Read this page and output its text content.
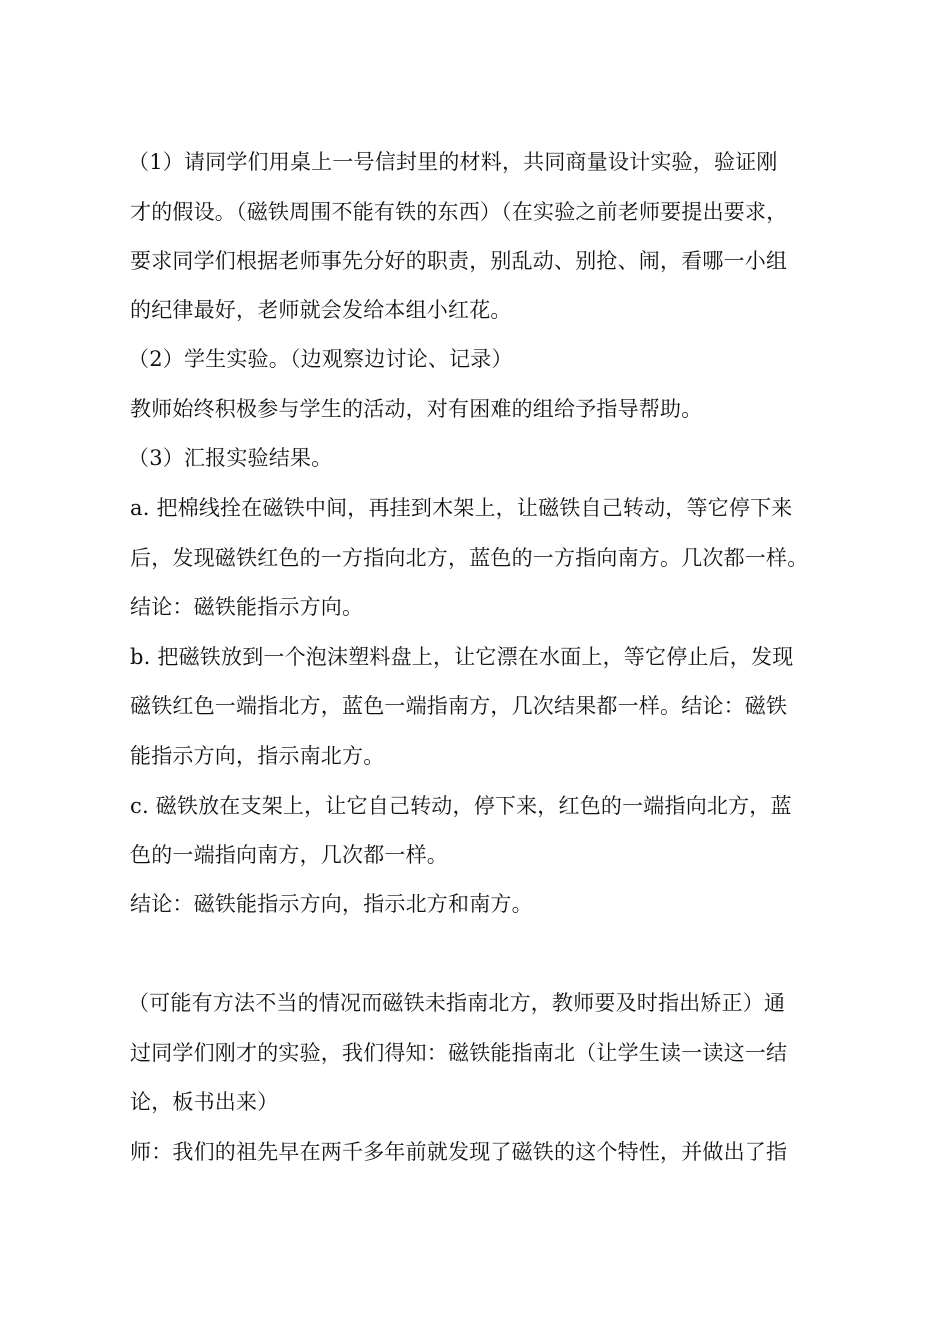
（1）请同学们用桌上一号信封里的材料，共同商量设计实验，验证刚
才的假设。（磁铁周围不能有铁的东西）（在实验之前老师要提出要求，
要求同学们根据老师事先分好的职责，别乱动、别抢、闹，看哪一小组
的纪律最好，老师就会发给本组小红花。
（2）学生实验。（边观察边讨论、记录）
教师始终积极参与学生的活动，对有困难的组给予指导帮助。
（3）汇报实验结果。
a. 把棉线拴在磁铁中间，再挂到木架上，让磁铁自己转动，等它停下来
后，发现磁铁红色的一方指向北方，蓝色的一方指向南方。几次都一样。
结论：磁铁能指示方向。
b. 把磁铁放到一个泡沫塑料盘上，让它漂在水面上，等它停止后，发现
磁铁红色一端指北方，蓝色一端指南方，几次结果都一样。结论：磁铁
能指示方向，指示南北方。
c. 磁铁放在支架上，让它自己转动，停下来，红色的一端指向北方，蓝
色的一端指向南方，几次都一样。
结论：磁铁能指示方向，指示北方和南方。
（可能有方法不当的情况而磁铁未指南北方，教师要及时指出矫正）通
过同学们刚才的实验，我们得知：磁铁能指南北（让学生读一读这一结
论，板书出来）
师：我们的祖先早在两千多年前就发现了磁铁的这个特性，并做出了指
